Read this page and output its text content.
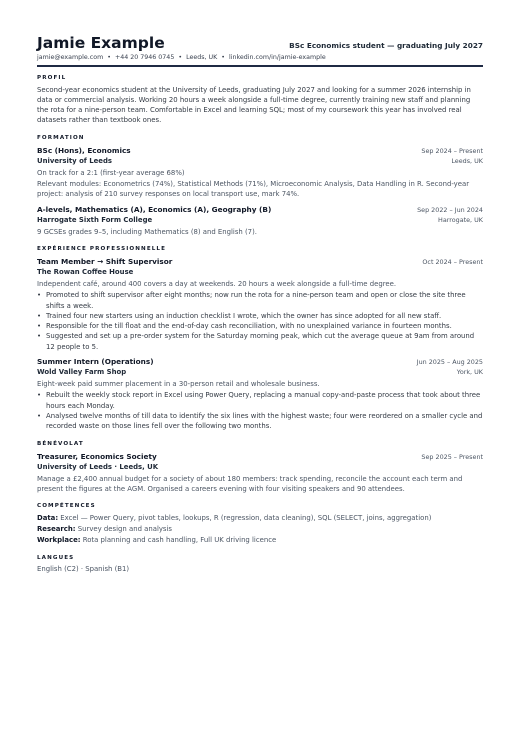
Jamie Example	BSc Economics student — graduating July 2027
jamie@example.com • +44 20 7946 0745 • Leeds, UK • linkedin.com/in/jamie-example
PROFIL

Second-year economics student at the University of Leeds, graduating July 2027 and looking for a summer 2026 internship in data or commercial analysis. Working 20 hours a week alongside a full-time degree, currently training new staff and planning the rota for a nine-person team. Comfortable in Excel and learning SQL; most of my coursework this year has involved real datasets rather than textbook ones.

FORMATION
BSc (Hons), Economics	Sep 2024 – Present
University of Leeds	Leeds, UK
On track for a 2:1 (first-year average 68%)
Relevant modules: Econometrics (74%), Statistical Methods (71%), Microeconomic Analysis, Data Handling in R. Second-year project: analysis of 210 survey responses on local transport use, mark 74%.
A-levels, Mathematics (A), Economics (A), Geography (B)	Sep 2022 – Jun 2024
Harrogate Sixth Form College	Harrogate, UK
9 GCSEs grades 9–5, including Mathematics (8) and English (7).
EXPÉRIENCE PROFESSIONNELLE
Team Member → Shift Supervisor	Oct 2024 – Present
The Rowan Coffee House
Independent café, around 400 covers a day at weekends. 20 hours a week alongside a full-time degree.
• Promoted to shift supervisor after eight months; now run the rota for a nine-person team and open or close the site three shifts a week.
• Trained four new starters using an induction checklist I wrote, which the owner has since adopted for all new staff.
• Responsible for the till float and the end-of-day cash reconciliation, with no unexplained variance in fourteen months.
• Suggested and set up a pre-order system for the Saturday morning peak, which cut the average queue at 9am from around 12 people to 5.
Summer Intern (Operations)	Jun 2025 – Aug 2025
Wold Valley Farm Shop	York, UK
Eight-week paid summer placement in a 30-person retail and wholesale business.
• Rebuilt the weekly stock report in Excel using Power Query, replacing a manual copy-and-paste process that took about three hours each Monday.
• Analysed twelve months of till data to identify the six lines with the highest waste; four were reordered on a smaller cycle and recorded waste on those lines fell over the following two months.
BÉNÉVOLAT
Treasurer, Economics Society	Sep 2025 – Present
University of Leeds · Leeds, UK
Manage a £2,400 annual budget for a society of about 180 members: track spending, reconcile the account each term and present the figures at the AGM. Organised a careers evening with four visiting speakers and 90 attendees.
COMPÉTENCES
Data: Excel — Power Query, pivot tables, lookups, R (regression, data cleaning), SQL (SELECT, joins, aggregation)
Research: Survey design and analysis
Workplace: Rota planning and cash handling, Full UK driving licence
LANGUES
English (C2) · Spanish (B1)
